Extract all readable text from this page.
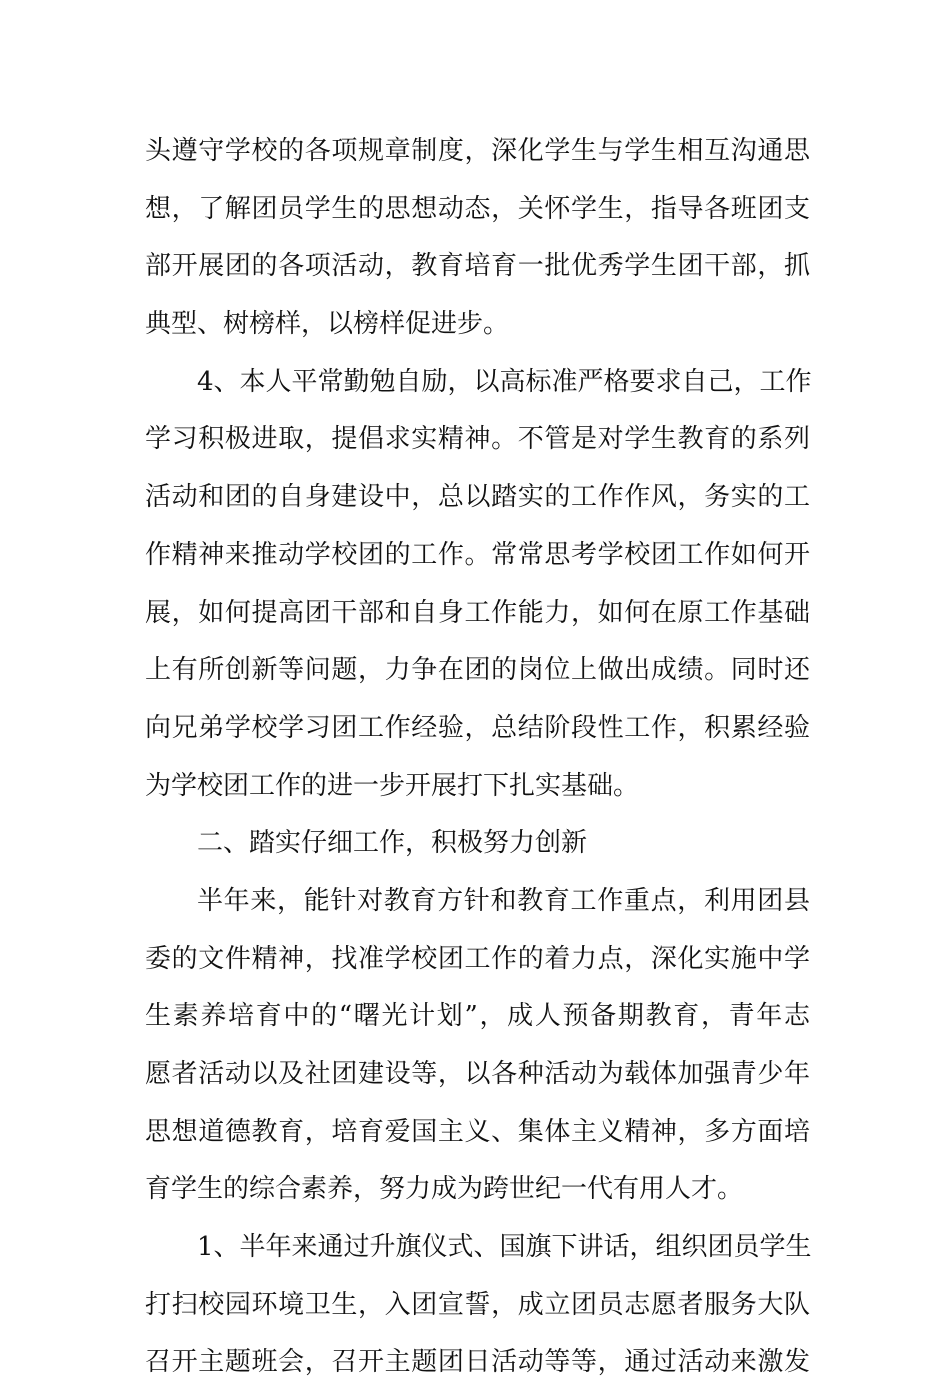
头遵守学校的各项规章制度，深化学生与学生相互沟通思
想，了解团员学生的思想动态，关怀学生，指导各班团支
部开展团的各项活动，教育培育一批优秀学生团干部，抓
典型、树榜样，以榜样促进步。
4、本人平常勤勉自励，以高标准严格要求自己，工作
学习积极进取，提倡求实精神。不管是对学生教育的系列
活动和团的自身建设中，总以踏实的工作作风，务实的工
作精神来推动学校团的工作。常常思考学校团工作如何开
展，如何提高团干部和自身工作能力，如何在原工作基础
上有所创新等问题，力争在团的岗位上做出成绩。同时还
向兄弟学校学习团工作经验，总结阶段性工作，积累经验
为学校团工作的进一步开展打下扎实基础。
二、踏实仔细工作，积极努力创新
半年来，能针对教育方针和教育工作重点，利用团县
委的文件精神，找准学校团工作的着力点，深化实施中学
生素养培育中的“曙光计划”，成人预备期教育，青年志
愿者活动以及社团建设等，以各种活动为载体加强青少年
思想道德教育，培育爱国主义、集体主义精神，多方面培
育学生的综合素养，努力成为跨世纪一代有用人才。
1、半年来通过升旗仪式、国旗下讲话，组织团员学生
打扫校园环境卫生，入团宣誓，成立团员志愿者服务大队
召开主题班会，召开主题团日活动等等，通过活动来激发
